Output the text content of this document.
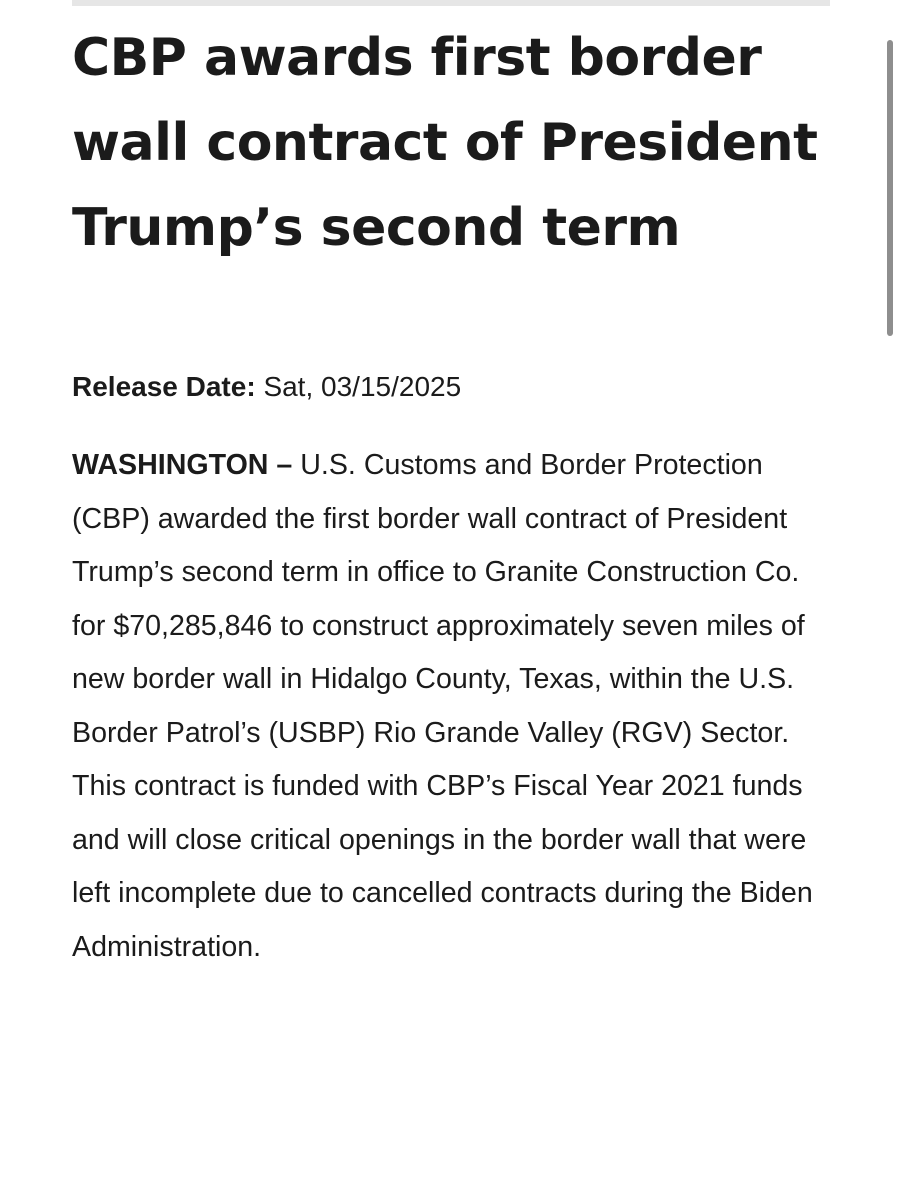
CBP awards first border wall contract of President Trump’s second term

Release Date: Sat, 03/15/2025

WASHINGTON – U.S. Customs and Border Protection (CBP) awarded the first border wall contract of President Trump’s second term in office to Granite Construction Co. for $70,285,846 to construct approximately seven miles of new border wall in Hidalgo County, Texas, within the U.S. Border Patrol’s (USBP) Rio Grande Valley (RGV) Sector. This contract is funded with CBP’s Fiscal Year 2021 funds and will close critical openings in the border wall that were left incomplete due to cancelled contracts during the Biden Administration.
